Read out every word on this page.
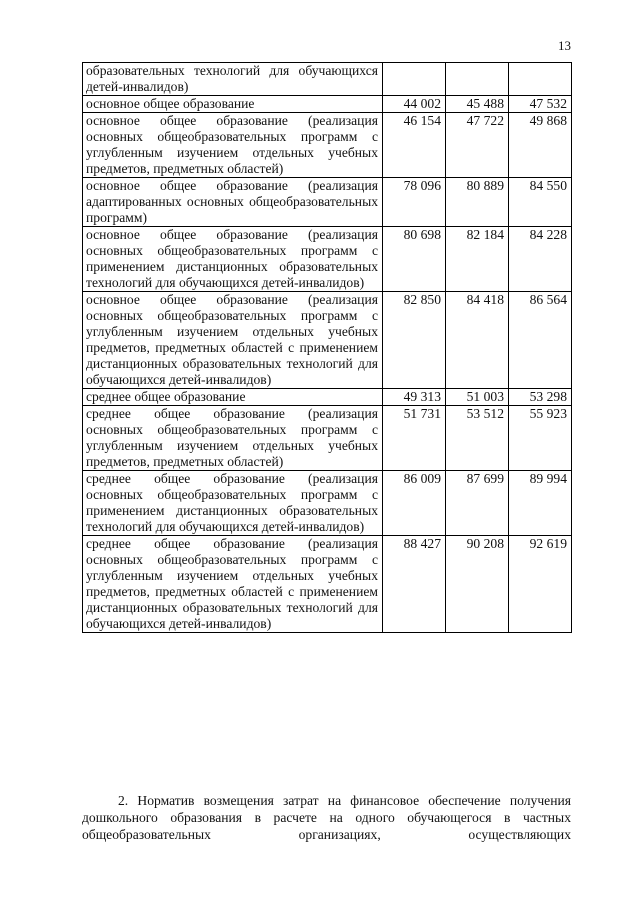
13
образовательных технологий для обучающихся детей-инвалидов)			
основное общее образование	44 002	45 488	47 532
основное общее образование (реализация основных общеобразовательных программ с углубленным изучением отдельных учебных предметов, предметных областей)	46 154	47 722	49 868
основное общее образование (реализация адаптированных основных общеобразовательных программ)	78 096	80 889	84 550
основное общее образование (реализация основных общеобразовательных программ с применением дистанционных образовательных технологий для обучающихся детей-инвалидов)	80 698	82 184	84 228
основное общее образование (реализация основных общеобразовательных программ с углубленным изучением отдельных учебных предметов, предметных областей с применением дистанционных образовательных технологий для обучающихся детей-инвалидов)	82 850	84 418	86 564
среднее общее образование	49 313	51 003	53 298
среднее общее образование (реализация основных общеобразовательных программ с углубленным изучением отдельных учебных предметов, предметных областей)	51 731	53 512	55 923
среднее общее образование (реализация основных общеобразовательных программ с применением дистанционных образовательных технологий для обучающихся детей-инвалидов)	86 009	87 699	89 994
среднее общее образование (реализация основных общеобразовательных программ с углубленным изучением отдельных учебных предметов, предметных областей с применением дистанционных образовательных технологий для обучающихся детей-инвалидов)	88 427	90 208	92 619

2. Норматив возмещения затрат на финансовое обеспечение получения дошкольного образования в расчете на одного обучающегося в частных общеобразовательных организациях, осуществляющих
